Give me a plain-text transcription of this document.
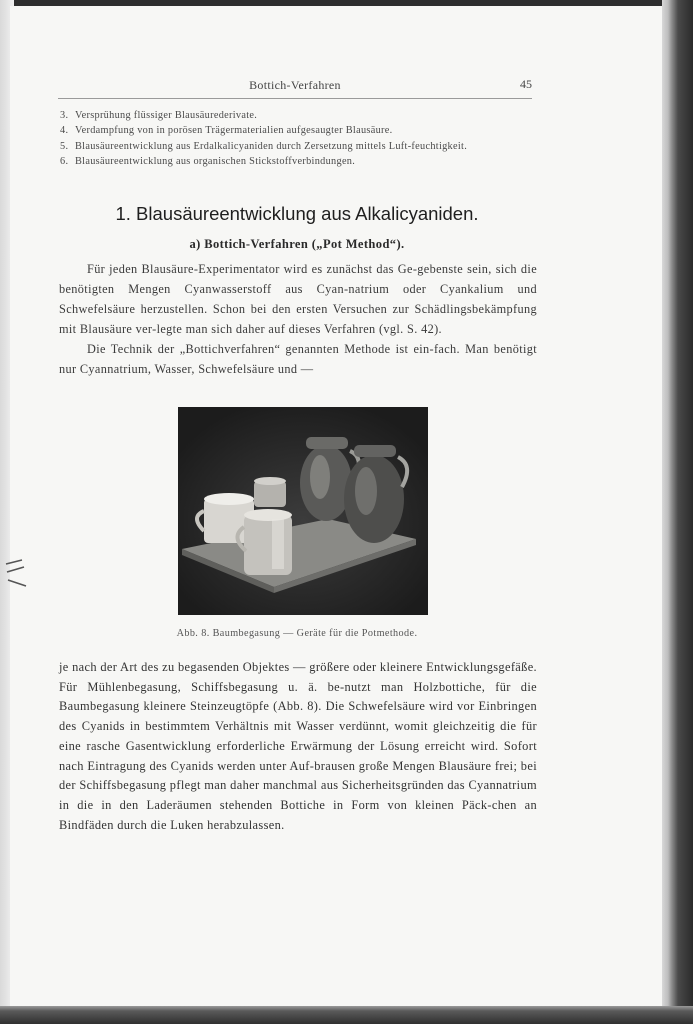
Bottich-Verfahren	45
3. Versprühung flüssiger Blausäurederivate.
4. Verdampfung von in porösen Trägermaterialien aufgesaugter Blausäure.
5. Blausäureentwicklung aus Erdalkalicyaniden durch Zersetzung mittels Luft-feuchtigkeit.
6. Blausäureentwicklung aus organischen Stickstoffverbindungen.
1. Blausäureentwicklung aus Alkalicyaniden.
a) Bottich-Verfahren („Pot Method“).

Für jeden Blausäure-Experimentator wird es zunächst das Ge-gebenste sein, sich die benötigten Mengen Cyanwasserstoff aus Cyan-natrium oder Cyankalium und Schwefelsäure herzustellen. Schon bei den ersten Versuchen zur Schädlingsbekämpfung mit Blausäure ver-legte man sich daher auf dieses Verfahren (vgl. S. 42).

Die Technik der „Bottichverfahren“ genannten Methode ist ein-fach. Man benötigt nur Cyannatrium, Wasser, Schwefelsäure und —

Abb. 8. Baumbegasung — Geräte für die Potmethode.

je nach der Art des zu begasenden Objektes — größere oder kleinere Entwicklungsgefäße. Für Mühlenbegasung, Schiffsbegasung u. ä. be-nutzt man Holzbottiche, für die Baumbegasung kleinere Steinzeugtöpfe (Abb. 8). Die Schwefelsäure wird vor Einbringen des Cyanids in bestimmtem Verhältnis mit Wasser verdünnt, womit gleichzeitig die für eine rasche Gasentwicklung erforderliche Erwärmung der Lösung erreicht wird. Sofort nach Eintragung des Cyanids werden unter Auf-brausen große Mengen Blausäure frei; bei der Schiffsbegasung pflegt man daher manchmal aus Sicherheitsgründen das Cyannatrium in die in den Laderäumen stehenden Bottiche in Form von kleinen Päck-chen an Bindfäden durch die Luken herabzulassen.
